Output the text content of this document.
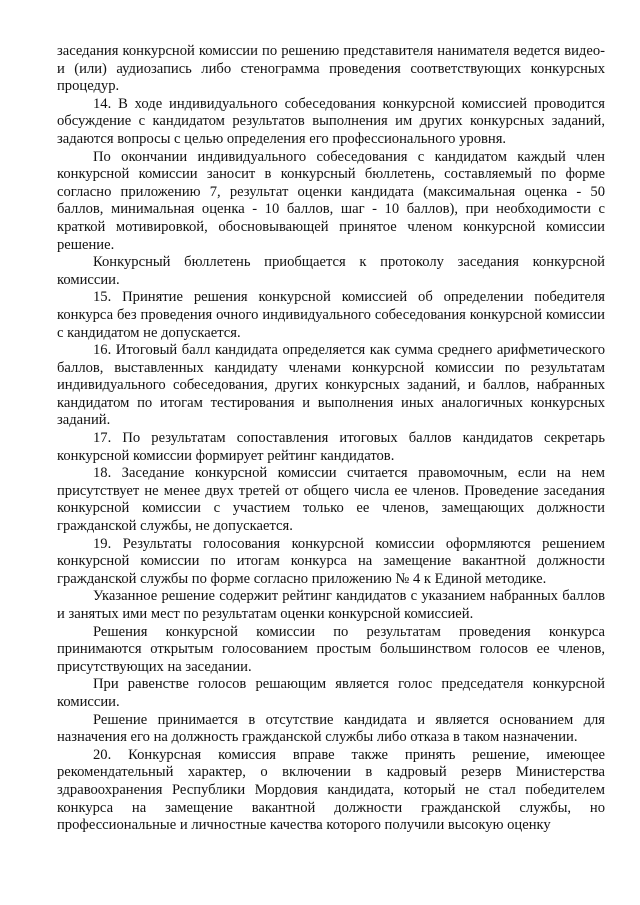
заседания конкурсной комиссии по решению представителя нанимателя ведется видео- и (или) аудиозапись либо стенограмма проведения соответствующих конкурсных процедур.

14. В ходе индивидуального собеседования конкурсной комиссией проводится обсуждение с кандидатом результатов выполнения им других конкурсных заданий, задаются вопросы с целью определения его профессионального уровня.

По окончании индивидуального собеседования с кандидатом каждый член конкурсной комиссии заносит в конкурсный бюллетень, составляемый по форме согласно приложению 7, результат оценки кандидата (максимальная оценка - 50 баллов, минимальная оценка - 10 баллов, шаг - 10 баллов), при необходимости с краткой мотивировкой, обосновывающей принятое членом конкурсной комиссии решение.

Конкурсный бюллетень приобщается к протоколу заседания конкурсной комиссии.

15. Принятие решения конкурсной комиссией об определении победителя конкурса без проведения очного индивидуального собеседования конкурсной комиссии с кандидатом не допускается.

16. Итоговый балл кандидата определяется как сумма среднего арифметического баллов, выставленных кандидату членами конкурсной комиссии по результатам индивидуального собеседования, других конкурсных заданий, и баллов, набранных кандидатом по итогам тестирования и выполнения иных аналогичных конкурсных заданий.

17. По результатам сопоставления итоговых баллов кандидатов секретарь конкурсной комиссии формирует рейтинг кандидатов.

18. Заседание конкурсной комиссии считается правомочным, если на нем присутствует не менее двух третей от общего числа ее членов. Проведение заседания конкурсной комиссии с участием только ее членов, замещающих должности гражданской службы, не допускается.

19. Результаты голосования конкурсной комиссии оформляются решением конкурсной комиссии по итогам конкурса на замещение вакантной должности гражданской службы по форме согласно приложению № 4 к Единой методике.

Указанное решение содержит рейтинг кандидатов с указанием набранных баллов и занятых ими мест по результатам оценки конкурсной комиссией.

Решения конкурсной комиссии по результатам проведения конкурса принимаются открытым голосованием простым большинством голосов ее членов, присутствующих на заседании.

При равенстве голосов решающим является голос председателя конкурсной комиссии.

Решение принимается в отсутствие кандидата и является основанием для назначения его на должность гражданской службы либо отказа в таком назначении.

20. Конкурсная комиссия вправе также принять решение, имеющее рекомендательный характер, о включении в кадровый резерв Министерства здравоохранения Республики Мордовия кандидата, который не стал победителем конкурса на замещение вакантной должности гражданской службы, но профессиональные и личностные качества которого получили высокую оценку
